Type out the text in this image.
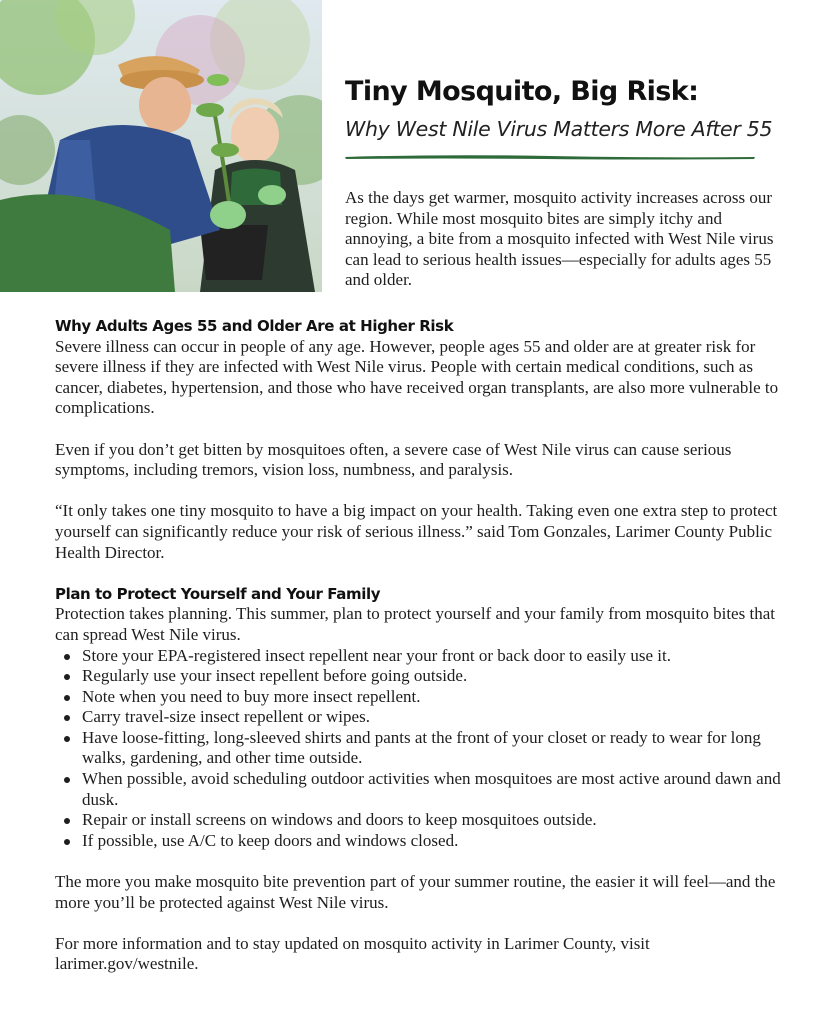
Tiny Mosquito, Big Risk:
Why West Nile Virus Matters More After 55

As the days get warmer, mosquito activity increases across our region. While most mosquito bites are simply itchy and annoying, a bite from a mosquito infected with West Nile virus can lead to serious health issues—especially for adults ages 55 and older.

Why Adults Ages 55 and Older Are at Higher Risk

Severe illness can occur in people of any age. However, people ages 55 and older are at greater risk for severe illness if they are infected with West Nile virus. People with certain medical conditions, such as cancer, diabetes, hypertension, and those who have received organ transplants, are also more vulnerable to complications.

Even if you don’t get bitten by mosquitoes often, a severe case of West Nile virus can cause serious symptoms, including tremors, vision loss, numbness, and paralysis.

“It only takes one tiny mosquito to have a big impact on your health. Taking even one extra step to protect yourself can significantly reduce your risk of serious illness.” said Tom Gonzales, Larimer County Public Health Director.

Plan to Protect Yourself and Your Family

Protection takes planning. This summer, plan to protect yourself and your family from mosquito bites that can spread West Nile virus.

Store your EPA-registered insect repellent near your front or back door to easily use it.
Regularly use your insect repellent before going outside.
Note when you need to buy more insect repellent.
Carry travel-size insect repellent or wipes.
Have loose-fitting, long-sleeved shirts and pants at the front of your closet or ready to wear for long walks, gardening, and other time outside.
When possible, avoid scheduling outdoor activities when mosquitoes are most active around dawn and dusk.
Repair or install screens on windows and doors to keep mosquitoes outside.
If possible, use A/C to keep doors and windows closed.

The more you make mosquito bite prevention part of your summer routine, the easier it will feel—and the more you’ll be protected against West Nile virus.

For more information and to stay updated on mosquito activity in Larimer County, visit larimer.gov/westnile.
